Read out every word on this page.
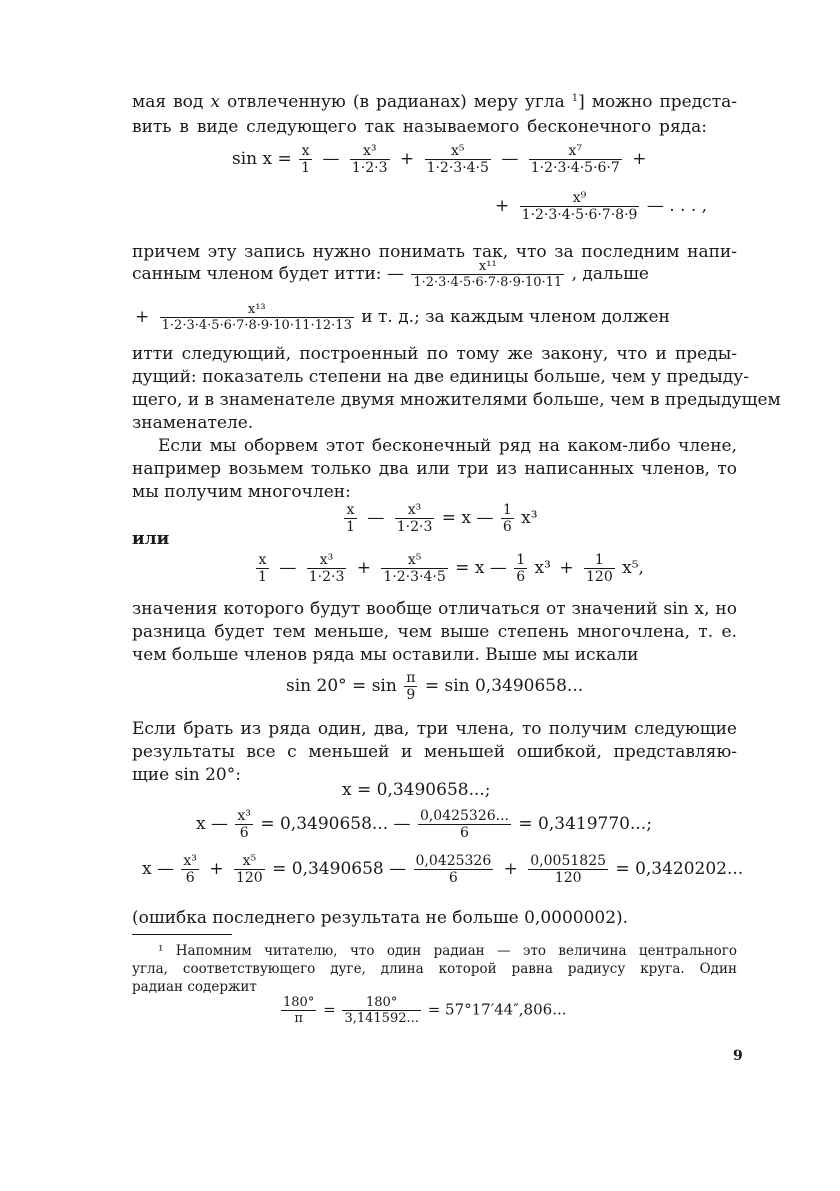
мая вод x отвлеченную (в радианах) меру угла $^1$] можно предста-
вить в виде следующего так называемого бесконечного ряда:
$\sin x = \frac{x}{1}$ — $\frac{\text{x³}}{1\cdot 2\cdot 3} + \frac{\text{x⁵}}{1\cdot 2\cdot 3\cdot 4\cdot 5}$ — $\frac{\text{x⁷}}{1\cdot 2\cdot 3\cdot 4\cdot 5\cdot 6\cdot 7}$ +
+ $\frac{\text{x⁹}}{1\cdot 2\cdot 3\cdot 4\cdot 5\cdot 6\cdot 7\cdot 8\cdot 9}$ — . . . ,
причем эту запись нужно понимать так, что за последним напи-
санным членом будет итти: — $\frac{\text{x¹¹}}{1\cdot 2\cdot 3\cdot 4\cdot 5\cdot 6\cdot 7\cdot 8\cdot 9\cdot 10\cdot 11}$ , дальше
+ $\frac{\text{x¹³}}{1\cdot 2\cdot 3\cdot 4\cdot 5\cdot 6\cdot 7\cdot 8\cdot 9\cdot 10\cdot 11\cdot 12\cdot 13}$ и т. д.; за каждым членом должен
итти следующий, построенный по тому же закону, что и преды-
дущий: показатель степени на две единицы больше, чем у предыду-
щего, и в знаменателе двумя множителями больше, чем в предыдущем
знаменателе.
Если мы оборвем этот бесконечный ряд на каком-либо члене,
например возьмем только два или три из написанных членов, то
мы получим многочлен:
$\frac{x}{1}$ — $\frac{\text{x³}}{1\cdot 2\cdot 3} = x$ — $\frac{1}{6} x^3$
или
$\frac{x}{1}$ — $\frac{\text{x³}}{1\cdot 2\cdot 3} + \frac{\text{x⁵}}{1\cdot 2\cdot 3\cdot 4\cdot 5} = x$ — $\frac{1}{6} x^3 + \frac{1}{120} x^5$,
значения которого будут вообще отличаться от значений sin x, но
разница будет тем меньше, чем выше степень многочлена, т. е.
чем больше членов ряда мы оставили. Выше мы искали
$\sin 20^\circ = \sin \frac{\pi}{9} = \sin 0,3490658$...
Если брать из ряда один, два, три члена, то получим следующие
результаты все с меньшей и меньшей ошибкой, представляю-
щие sin 20°:
x = 0,3490658...;
x — $\frac{\text{x³}}{6} = 0,3490658$... — $\frac{0,0425326...}{6} = 0,3419770$...;
x — $\frac{\text{x³}}{6} + \frac{\text{x⁵}}{120} = 0,3490658$ — $\frac{0,0425326}{6} + \frac{0,0051825}{120} = 0,3420202$...
(ошибка последнего результата не больше 0,0000002).
¹ Напомним читателю, что один радиан — это величина центрального
угла, соответствующего дуге, длина которой равна радиусу круга. Один
радиан содержит
$\frac{180^\circ}{\pi} = \frac{180^\circ}{3,141592...} = 57^\circ 17'44'',806$...
9
